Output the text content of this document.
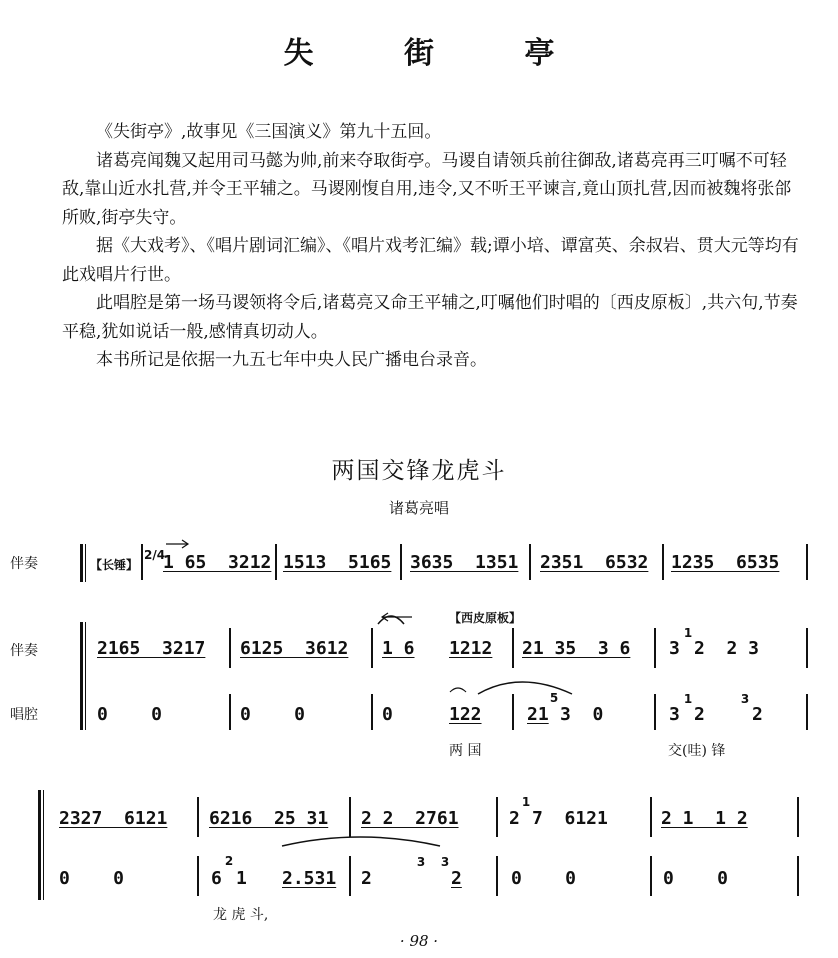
失 街 亭

《失街亭》,故事见《三国演义》第九十五回。

诸葛亮闻魏又起用司马懿为帅,前来夺取街亭。马谡自请领兵前往御敌,诸葛亮再三叮嘱不可轻敌,靠山近水扎营,并令王平辅之。马谡刚愎自用,违令,又不听王平谏言,竟山顶扎营,因而被魏将张郃所败,街亭失守。

据《大戏考》、《唱片剧词汇编》、《唱片戏考汇编》载;谭小培、谭富英、余叔岩、贯大元等均有此戏唱片行世。

此唱腔是第一场马谡领将令后,诸葛亮又命王平辅之,叮嘱他们时唱的〔西皮原板〕,共六句,节奏平稳,犹如说话一般,感情真切动人。

本书所记是依据一九五七年中央人民广播电台录音。

两国交锋龙虎斗
诸葛亮唱
伴奏	【长锤】
2/4
1 65  3212 1513  5165 3635  1351 2351  6532 1235  6535
伴奏
唱腔
【西皮原板】
2165  3217 6125  3612 1 6 1212 21 35  3 6 3
1
2  2 3
0    0	0    0	0	122	21
5
3  0	3
1
2
3
2
两 国	交(哇) 锋
2327  6121 6216  25 31 2 2  2761	2
1
7  6121	2 1  1 2
0    0	6
2
1 2.531 2
3 3
2	0    0	0    0
龙 虎 斗,
· 98 ·
